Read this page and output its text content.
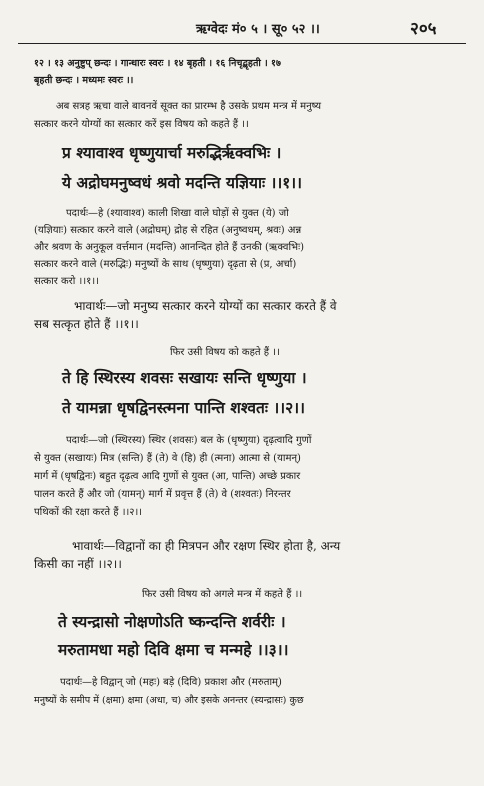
ऋग्वेदः मं० ५ । सू० ५२ ।।	२०५
१२ । १३ अनुष्टुप् छन्दः । गान्धारः स्वरः । १४ बृहती । १६ निचृद्बृहती । १७
बृहती छन्दः । मध्यमः स्वरः ।।
अब सत्रह ऋचा वाले बावनवें सूक्त का प्रारम्भ है उसके प्रथम मन्त्र में मनुष्य
सत्कार करने योग्यों का सत्कार करें इस विषय को कहते हैं ।।
प्र श्यावाश्व धृष्णुयार्चा मरुद्भिर्ऋक्वभिः ।
ये अद्रोघमनुष्वधं श्रवो मदन्ति यज्ञियाः ।।१।।
पदार्थः—हे (श्यावाश्व) काली शिखा वाले घोड़ों से युक्त (ये) जो
(यज्ञियाः) सत्कार करने वाले (अद्रोघम्) द्रोह से रहित (अनुष्वधम्, श्रवः) अन्न
और श्रवण के अनुकूल वर्त्तमान (मदन्ति) आनन्दित होते हैं उनकी (ऋक्वभिः)
सत्कार करने वाले (मरुद्भिः) मनुष्यों के साथ (धृष्णुया) दृढ़ता से (प्र, अर्चा)
सत्कार करो ।।१।।
भावार्थः—जो मनुष्य सत्कार करने योग्यों का सत्कार करते हैं वे
सब सत्कृत होते हैं ।।१।।
फिर उसी विषय को कहते हैं ।।
ते हि स्थिरस्य शवसः सखायः सन्ति धृष्णुया ।
ते यामन्ना धृषद्विनस्त्मना पान्ति शश्वतः ।।२।।
पदार्थः—जो (स्थिरस्य) स्थिर (शवसः) बल के (धृष्णुया) दृढ़त्वादि गुणों
से युक्त (सखायः) मित्र (सन्ति) हैं (ते) वे (हि) ही (त्मना) आत्मा से (यामन्)
मार्ग में (धृषद्विनः) बहुत दृढ़त्व आदि गुणों से युक्त (आ, पान्ति) अच्छे प्रकार
पालन करते हैं और जो (यामन्) मार्ग में प्रवृत्त हैं (ते) वे (शश्वतः) निरन्तर
पथिकों की रक्षा करते हैं ।।२।।
भावार्थः—विद्वानों का ही मित्रपन और रक्षण स्थिर होता है, अन्य
किसी का नहीं ।।२।।
फिर उसी विषय को अगले मन्त्र में कहते हैं ।।
ते स्यन्द्रासो नोक्षणोऽति ष्कन्दन्ति शर्वरीः ।
मरुतामधा महो दिवि क्षमा च मन्महे ।।३।।
पदार्थः—हे विद्वान् जो (महः) बड़े (दिवि) प्रकाश और (मरुताम्)
मनुष्यों के समीप में (क्षमा) क्षमा (अधा, च) और इसके अनन्तर (स्यन्द्रासः) कुछ
